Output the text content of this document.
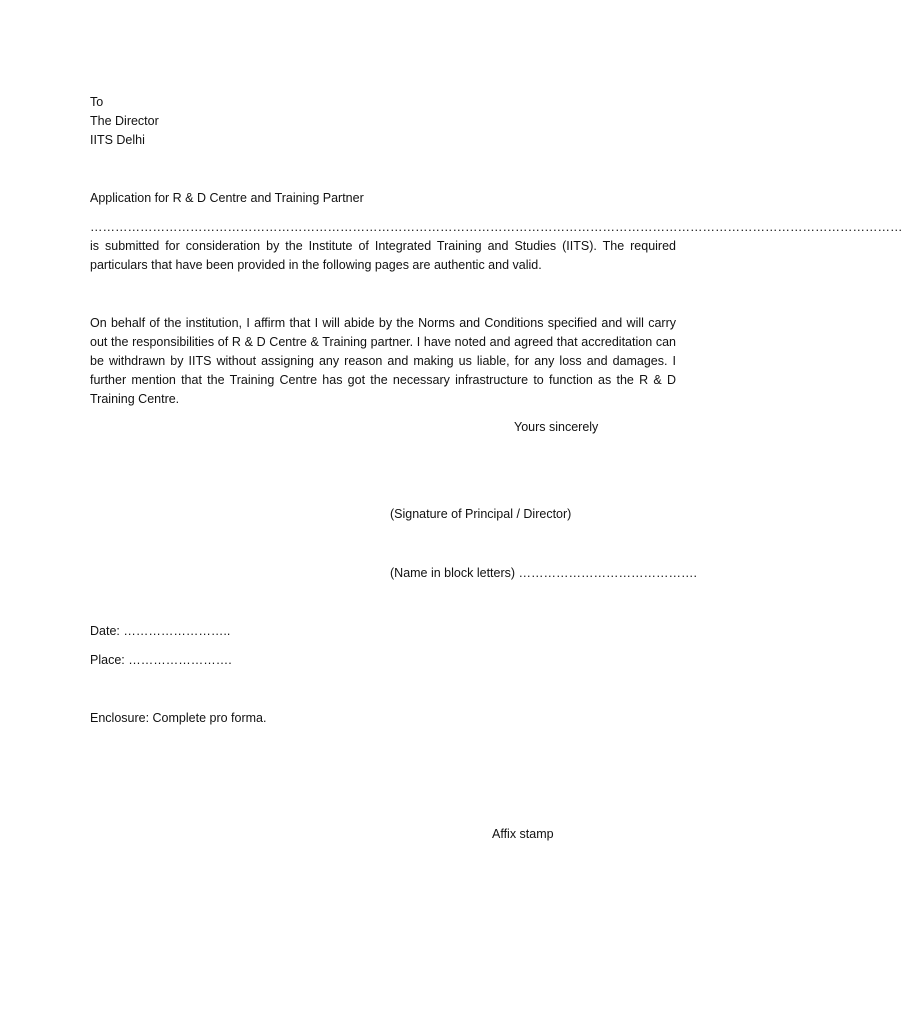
To
The Director
IITS Delhi
Application for R & D Centre and Training Partner
……………………………………………………………………………………………………………………………………………………………………………
is submitted for consideration by the Institute of Integrated Training and Studies (IITS). The required particulars that have been provided in the following pages are authentic and valid.
On behalf of the institution, I affirm that I will abide by the Norms and Conditions specified and will carry out the responsibilities of R & D Centre & Training partner. I have noted and agreed that accreditation can be withdrawn by IITS without assigning any reason and making us liable, for any loss and damages. I further mention that the Training Centre has got the necessary infrastructure to function as the R & D Training Centre.
Yours sincerely
(Signature of Principal / Director)
(Name in block letters) …………………………………….
Date: ……………………..
Place: …………………….
Enclosure: Complete pro forma.
Affix stamp
